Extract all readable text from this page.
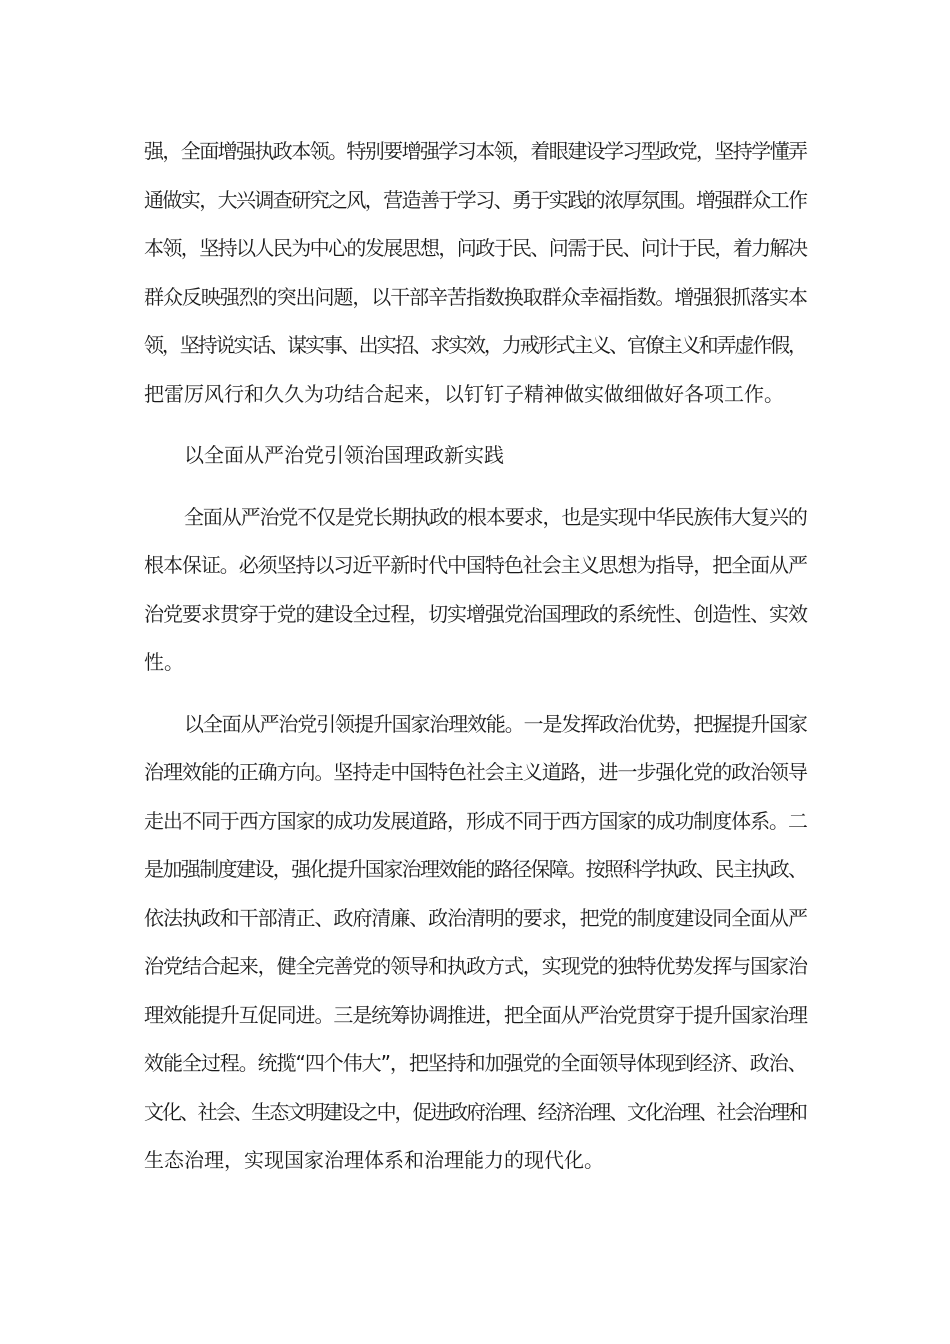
强，全面增强执政本领。特别要增强学习本领，着眼建设学习型政党，坚持学懂弄
通做实，大兴调查研究之风，营造善于学习、勇于实践的浓厚氛围。增强群众工作
本领，坚持以人民为中心的发展思想，问政于民、问需于民、问计于民，着力解决
群众反映强烈的突出问题，以干部辛苦指数换取群众幸福指数。增强狠抓落实本
领，坚持说实话、谋实事、出实招、求实效，力戒形式主义、官僚主义和弄虚作假，
把雷厉风行和久久为功结合起来，以钉钉子精神做实做细做好各项工作。

以全面从严治党引领治国理政新实践

全面从严治党不仅是党长期执政的根本要求，也是实现中华民族伟大复兴的
根本保证。必须坚持以习近平新时代中国特色社会主义思想为指导，把全面从严
治党要求贯穿于党的建设全过程，切实增强党治国理政的系统性、创造性、实效
性。

以全面从严治党引领提升国家治理效能。一是发挥政治优势，把握提升国家
治理效能的正确方向。坚持走中国特色社会主义道路，进一步强化党的政治领导
走出不同于西方国家的成功发展道路，形成不同于西方国家的成功制度体系。二
是加强制度建设，强化提升国家治理效能的路径保障。按照科学执政、民主执政、
依法执政和干部清正、政府清廉、政治清明的要求，把党的制度建设同全面从严
治党结合起来，健全完善党的领导和执政方式，实现党的独特优势发挥与国家治
理效能提升互促同进。三是统筹协调推进，把全面从严治党贯穿于提升国家治理
效能全过程。统揽“四个伟大”，把坚持和加强党的全面领导体现到经济、政治、
文化、社会、生态文明建设之中，促进政府治理、经济治理、文化治理、社会治理和
生态治理，实现国家治理体系和治理能力的现代化。
